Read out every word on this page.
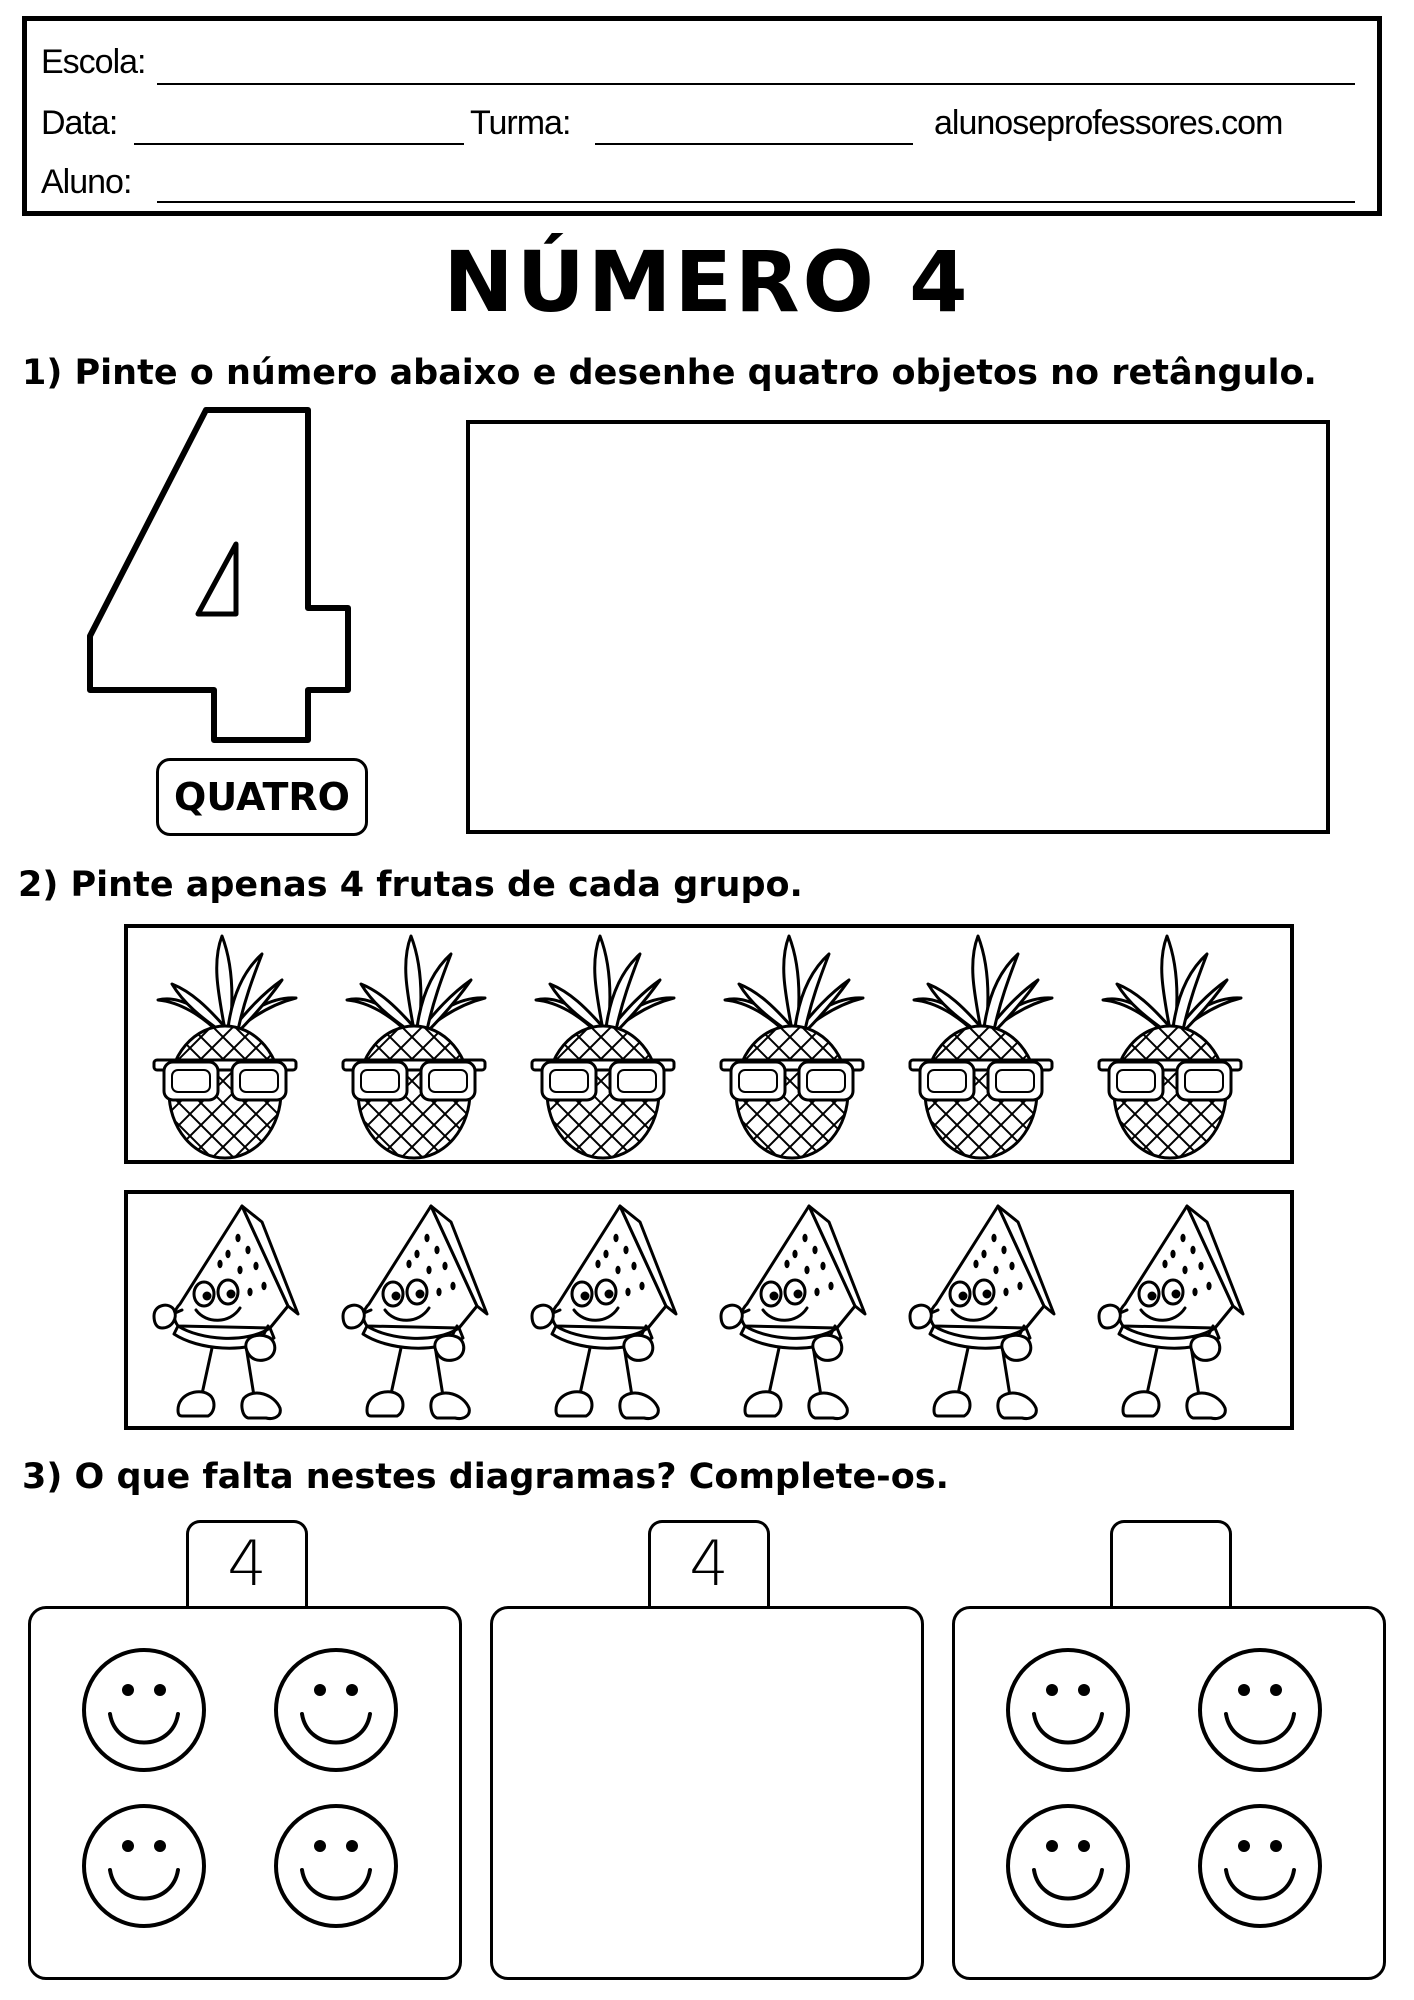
Escola:
Data:	Turma:	alunoseprofessores.com
Aluno:
NÚMERO 4
1) Pinte o número abaixo e desenhe quatro objetos no retângulo.
QUATRO
2) Pinte apenas 4 frutas de cada grupo.
3) O que falta nestes diagramas? Complete-os.
4	4
